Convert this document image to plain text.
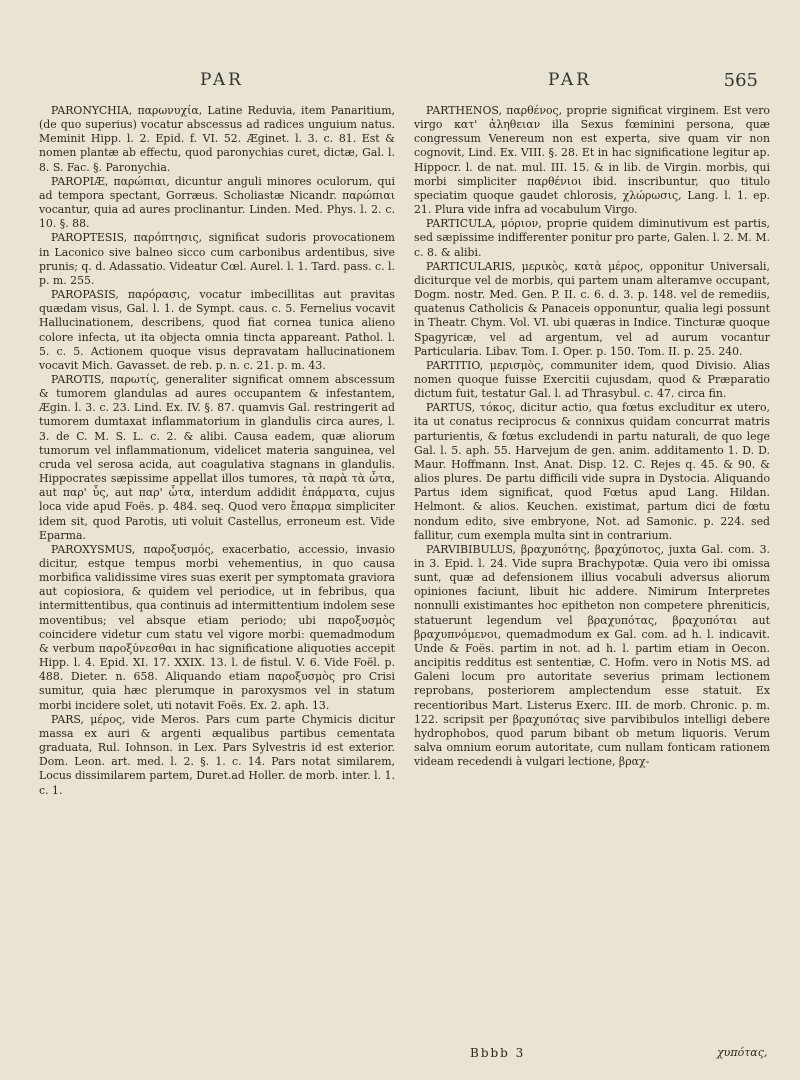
PAR	PAR	565

PARONYCHIA, παρωνυχία, Latine Reduvia, item Panaritium, (de quo superius) vocatur abscessus ad radices unguium natus. Meminit Hipp. l. 2. Epid. f. VI. 52. Æginet. l. 3. c. 81. Est & nomen plantæ ab effectu, quod paronychias curet, dictæ, Gal. l. 8. S. Fac. §. Paronychia.

PAROPIÆ, παρώπιαι, dicuntur anguli minores oculorum, qui ad tempora spectant, Gorræus. Scholiastæ Nicandr. παρώπιαι vocantur, quia ad aures proclinantur. Linden. Med. Phys. l. 2. c. 10. §. 88.

PAROPTESIS, παρόπτησις, significat sudoris provocationem in Laconico sive balneo sicco cum carbonibus ardentibus, sive prunis; q. d. Adassatio. Videatur Cœl. Aurel. l. 1. Tard. pass. c. l. p. m. 255.

PAROPASIS, παρόρασις, vocatur imbecillitas aut pravitas quædam visus, Gal. l. 1. de Sympt. caus. c. 5. Fernelius vocavit Hallucinationem, describens, quod fiat cornea tunica alieno colore infecta, ut ita objecta omnia tincta appareant. Pathol. l. 5. c. 5. Actionem quoque visus depravatam hallucinationem vocavit Mich. Gavasset. de reb. p. n. c. 21. p. m. 43.

PAROTIS, παρωτίς, generaliter significat omnem abscessum & tumorem glandulas ad aures occupantem & infestantem, Ægin. l. 3. c. 23. Lind. Ex. IV. §. 87. quamvis Gal. restringerit ad tumorem dumtaxat inflammatorium in glandulis circa aures, l. 3. de C. M. S. L. c. 2. & alibi. Causa eadem, quæ aliorum tumorum vel inflammationum, videlicet materia sanguinea, vel cruda vel serosa acida, aut coagulativa stagnans in glandulis. Hippocrates sæpissime appellat illos tumores, τὰ παρὰ τὰ ὦτα, aut παρ' ὖς, aut παρ' ὦτα, interdum addidit ἐπάρματα, cujus loca vide apud Foës. p. 484. seq. Quod vero ἔπαρμα simpliciter idem sit, quod Parotis, uti voluit Castellus, erroneum est. Vide Eparma.

PAROXYSMUS, παροξυσμός, exacerbatio, accessio, invasio dicitur, estque tempus morbi vehementius, in quo causa morbifica validissime vires suas exerit per symptomata graviora aut copiosiora, & quidem vel periodice, ut in febribus, qua intermittentibus, qua continuis ad intermittentium indolem sese moventibus; vel absque etiam periodo; ubi παροξυσμὸς coincidere videtur cum statu vel vigore morbi: quemadmodum & verbum παροξύνεσθαι in hac significatione aliquoties accepit Hipp. l. 4. Epid. XI. 17. XXIX. 13. l. de fistul. V. 6. Vide Foël. p. 488. Dieter. n. 658. Aliquando etiam παροξυσμὸς pro Crisi sumitur, quia hæc plerumque in paroxysmos vel in statum morbi incidere solet, uti notavit Foës. Ex. 2. aph. 13.

PARS, μέρος, vide Meros. Pars cum parte Chymicis dicitur massa ex auri & argenti æqualibus partibus cementata graduata, Rul. Iohnson. in Lex. Pars Sylvestris id est exterior. Dom. Leon. art. med. l. 2. §. 1. c. 14. Pars notat similarem, Locus dissimilarem partem, Duret.ad Holler. de morb. inter. l. 1. c. 1.

PARTHENOS, παρθένος, proprie significat virginem. Est vero virgo κατ' ἀληθειαν illa Sexus fœminini persona, quæ congressum Venereum non est experta, sive quam vir non cognovit, Lind. Ex. VIII. §. 28. Et in hac significatione legitur ap. Hippocr. l. de nat. mul. III. 15. & in lib. de Virgin. morbis, qui morbi simpliciter παρθένιοι ibid. inscribuntur, quo titulo speciatim quoque gaudet chlorosis, χλώρωσις, Lang. l. 1. ep. 21. Plura vide infra ad vocabulum Virgo.

PARTICULA, μόριον, proprie quidem diminutivum est partis, sed sæpissime indifferenter ponitur pro parte, Galen. l. 2. M. M. c. 8. & alibi.

PARTICULARIS, μερικὸς, κατὰ μέρος, opponitur Universali, diciturque vel de morbis, qui partem unam alteramve occupant, Dogm. nostr. Med. Gen. P. II. c. 6. d. 3. p. 148. vel de remediis, quatenus Catholicis & Panaceis opponuntur, qualia legi possunt in Theatr. Chym. Vol. VI. ubi quæras in Indice. Tincturæ quoque Spagyricæ, vel ad argentum, vel ad aurum vocantur Particularia. Libav. Tom. I. Oper. p. 150. Tom. II. p. 25. 240.

PARTITIO, μερισμὸς, communiter idem, quod Divisio. Alias nomen quoque fuisse Exercitii cujusdam, quod & Præparatio dictum fuit, testatur Gal. l. ad Thrasybul. c. 47. circa fin.

PARTUS, τόκος, dicitur actio, qua fœtus excluditur ex utero, ita ut conatus reciprocus & connixus quidam concurrat matris parturientis, & fœtus excludendi in partu naturali, de quo lege Gal. l. 5. aph. 55. Harvejum de gen. anim. additamento 1. D. D. Maur. Hoffmann. Inst. Anat. Disp. 12. C. Rejes q. 45. & 90. & alios plures. De partu difficili vide supra in Dystocia. Aliquando Partus idem significat, quod Fœtus apud Lang. Hildan. Helmont. & alios. Keuchen. existimat, partum dici de fœtu nondum edito, sive embryone, Not. ad Samonic. p. 224. sed fallitur, cum exempla multa sint in contrarium.

PARVIBIBULUS, βραχυπότης, βραχύποτος, juxta Gal. com. 3. in 3. Epid. l. 24. Vide supra Brachypotæ. Quia vero ibi omissa sunt, quæ ad defensionem illius vocabuli adversus aliorum opiniones faciunt, libuit hic addere. Nimirum Interpretes nonnulli existimantes hoc epitheton non competere phreniticis, statuerunt legendum vel βραχυπότας, βραχυπόται aut βραχυπνόμενοι, quemadmodum ex Gal. com. ad h. l. indicavit. Unde & Foës. partim in not. ad h. l. partim etiam in Oecon. ancipitis redditus est sententiæ, C. Hofm. vero in Notis MS. ad Galeni locum pro autoritate severius primam lectionem reprobans, posteriorem amplectendum esse statuit. Ex recentioribus Mart. Listerus Exerc. III. de morb. Chronic. p. m. 122. scripsit per βραχυπότας sive parvibibulos intelligi debere hydrophobos, quod parum bibant ob metum liquoris. Verum salva omnium eorum autoritate, cum nullam fonticam rationem videam recedendi à vulgari lectione, βραχ-

Bbbb 3	χυπότας,
